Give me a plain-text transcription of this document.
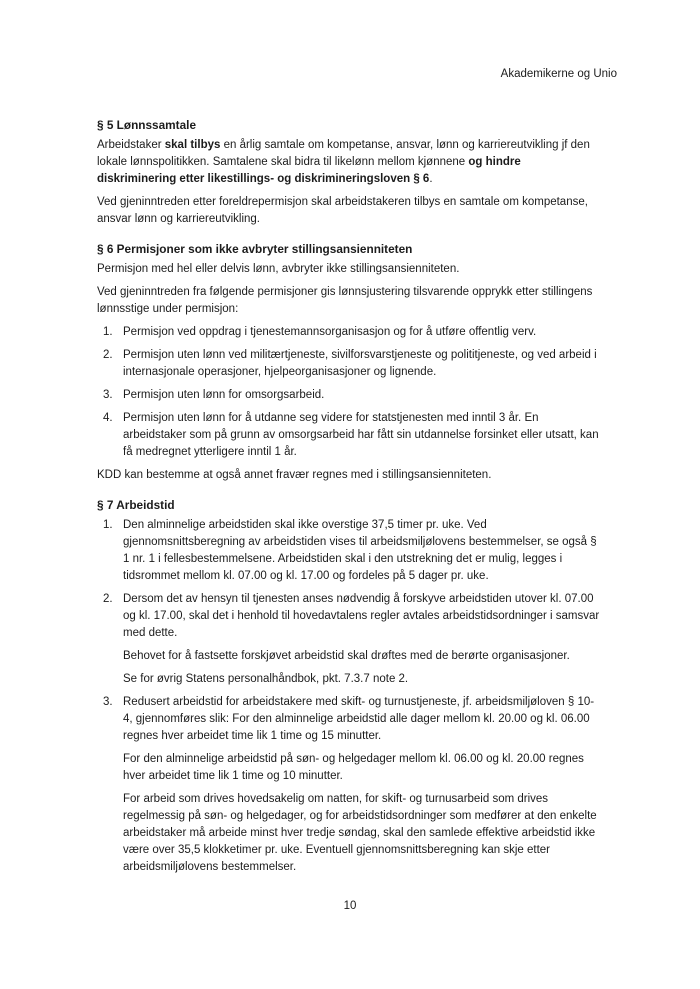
Akademikerne og Unio
§ 5 Lønnssamtale

Arbeidstaker skal tilbys en årlig samtale om kompetanse, ansvar, lønn og karriereutvikling jf den lokale lønnspolitikken. Samtalene skal bidra til likelønn mellom kjønnene og hindre diskriminering etter likestillings- og diskrimineringsloven § 6.

Ved gjeninntreden etter foreldrepermisjon skal arbeidstakeren tilbys en samtale om kompetanse, ansvar lønn og karriereutvikling.

§ 6 Permisjoner som ikke avbryter stillingsansienniteten

Permisjon med hel eller delvis lønn, avbryter ikke stillingsansienniteten.

Ved gjeninntreden fra følgende permisjoner gis lønnsjustering tilsvarende opprykk etter stillingens lønnsstige under permisjon:

1. Permisjon ved oppdrag i tjenestemannsorganisasjon og for å utføre offentlig verv.
2. Permisjon uten lønn ved militærtjeneste, sivilforsvarstjeneste og polititjeneste, og ved arbeid i internasjonale operasjoner, hjelpeorganisasjoner og lignende.
3. Permisjon uten lønn for omsorgsarbeid.
4. Permisjon uten lønn for å utdanne seg videre for statstjenesten med inntil 3 år. En arbeidstaker som på grunn av omsorgsarbeid har fått sin utdannelse forsinket eller utsatt, kan få medregnet ytterligere inntil 1 år.

KDD kan bestemme at også annet fravær regnes med i stillingsansienniteten.

§ 7 Arbeidstid
1. Den alminnelige arbeidstiden skal ikke overstige 37,5 timer pr. uke. Ved gjennomsnittsberegning av arbeidstiden vises til arbeidsmiljølovens bestemmelser, se også § 1 nr. 1 i fellesbestemmelsene. Arbeidstiden skal i den utstrekning det er mulig, legges i tidsrommet mellom kl. 07.00 og kl. 17.00 og fordeles på 5 dager pr. uke.

2. Dersom det av hensyn til tjenesten anses nødvendig å forskyve arbeidstiden utover kl. 07.00 og kl. 17.00, skal det i henhold til hovedavtalens regler avtales arbeidstidsordninger i samsvar med dette.

Behovet for å fastsette forskjøvet arbeidstid skal drøftes med de berørte organisasjoner.

Se for øvrig Statens personalhåndbok, pkt. 7.3.7 note 2.

3. Redusert arbeidstid for arbeidstakere med skift- og turnustjeneste, jf. arbeidsmiljøloven § 10-4, gjennomføres slik: For den alminnelige arbeidstid alle dager mellom kl. 20.00 og kl. 06.00 regnes hver arbeidet time lik 1 time og 15 minutter.

For den alminnelige arbeidstid på søn- og helgedager mellom kl. 06.00 og kl. 20.00 regnes hver arbeidet time lik 1 time og 10 minutter.

For arbeid som drives hovedsakelig om natten, for skift- og turnusarbeid som drives regelmessig på søn- og helgedager, og for arbeidstidsordninger som medfører at den enkelte arbeidstaker må arbeide minst hver tredje søndag, skal den samlede effektive arbeidstid ikke være over 35,5 klokketimer pr. uke. Eventuell gjennomsnittsberegning kan skje etter arbeidsmiljølovens bestemmelser.

10
